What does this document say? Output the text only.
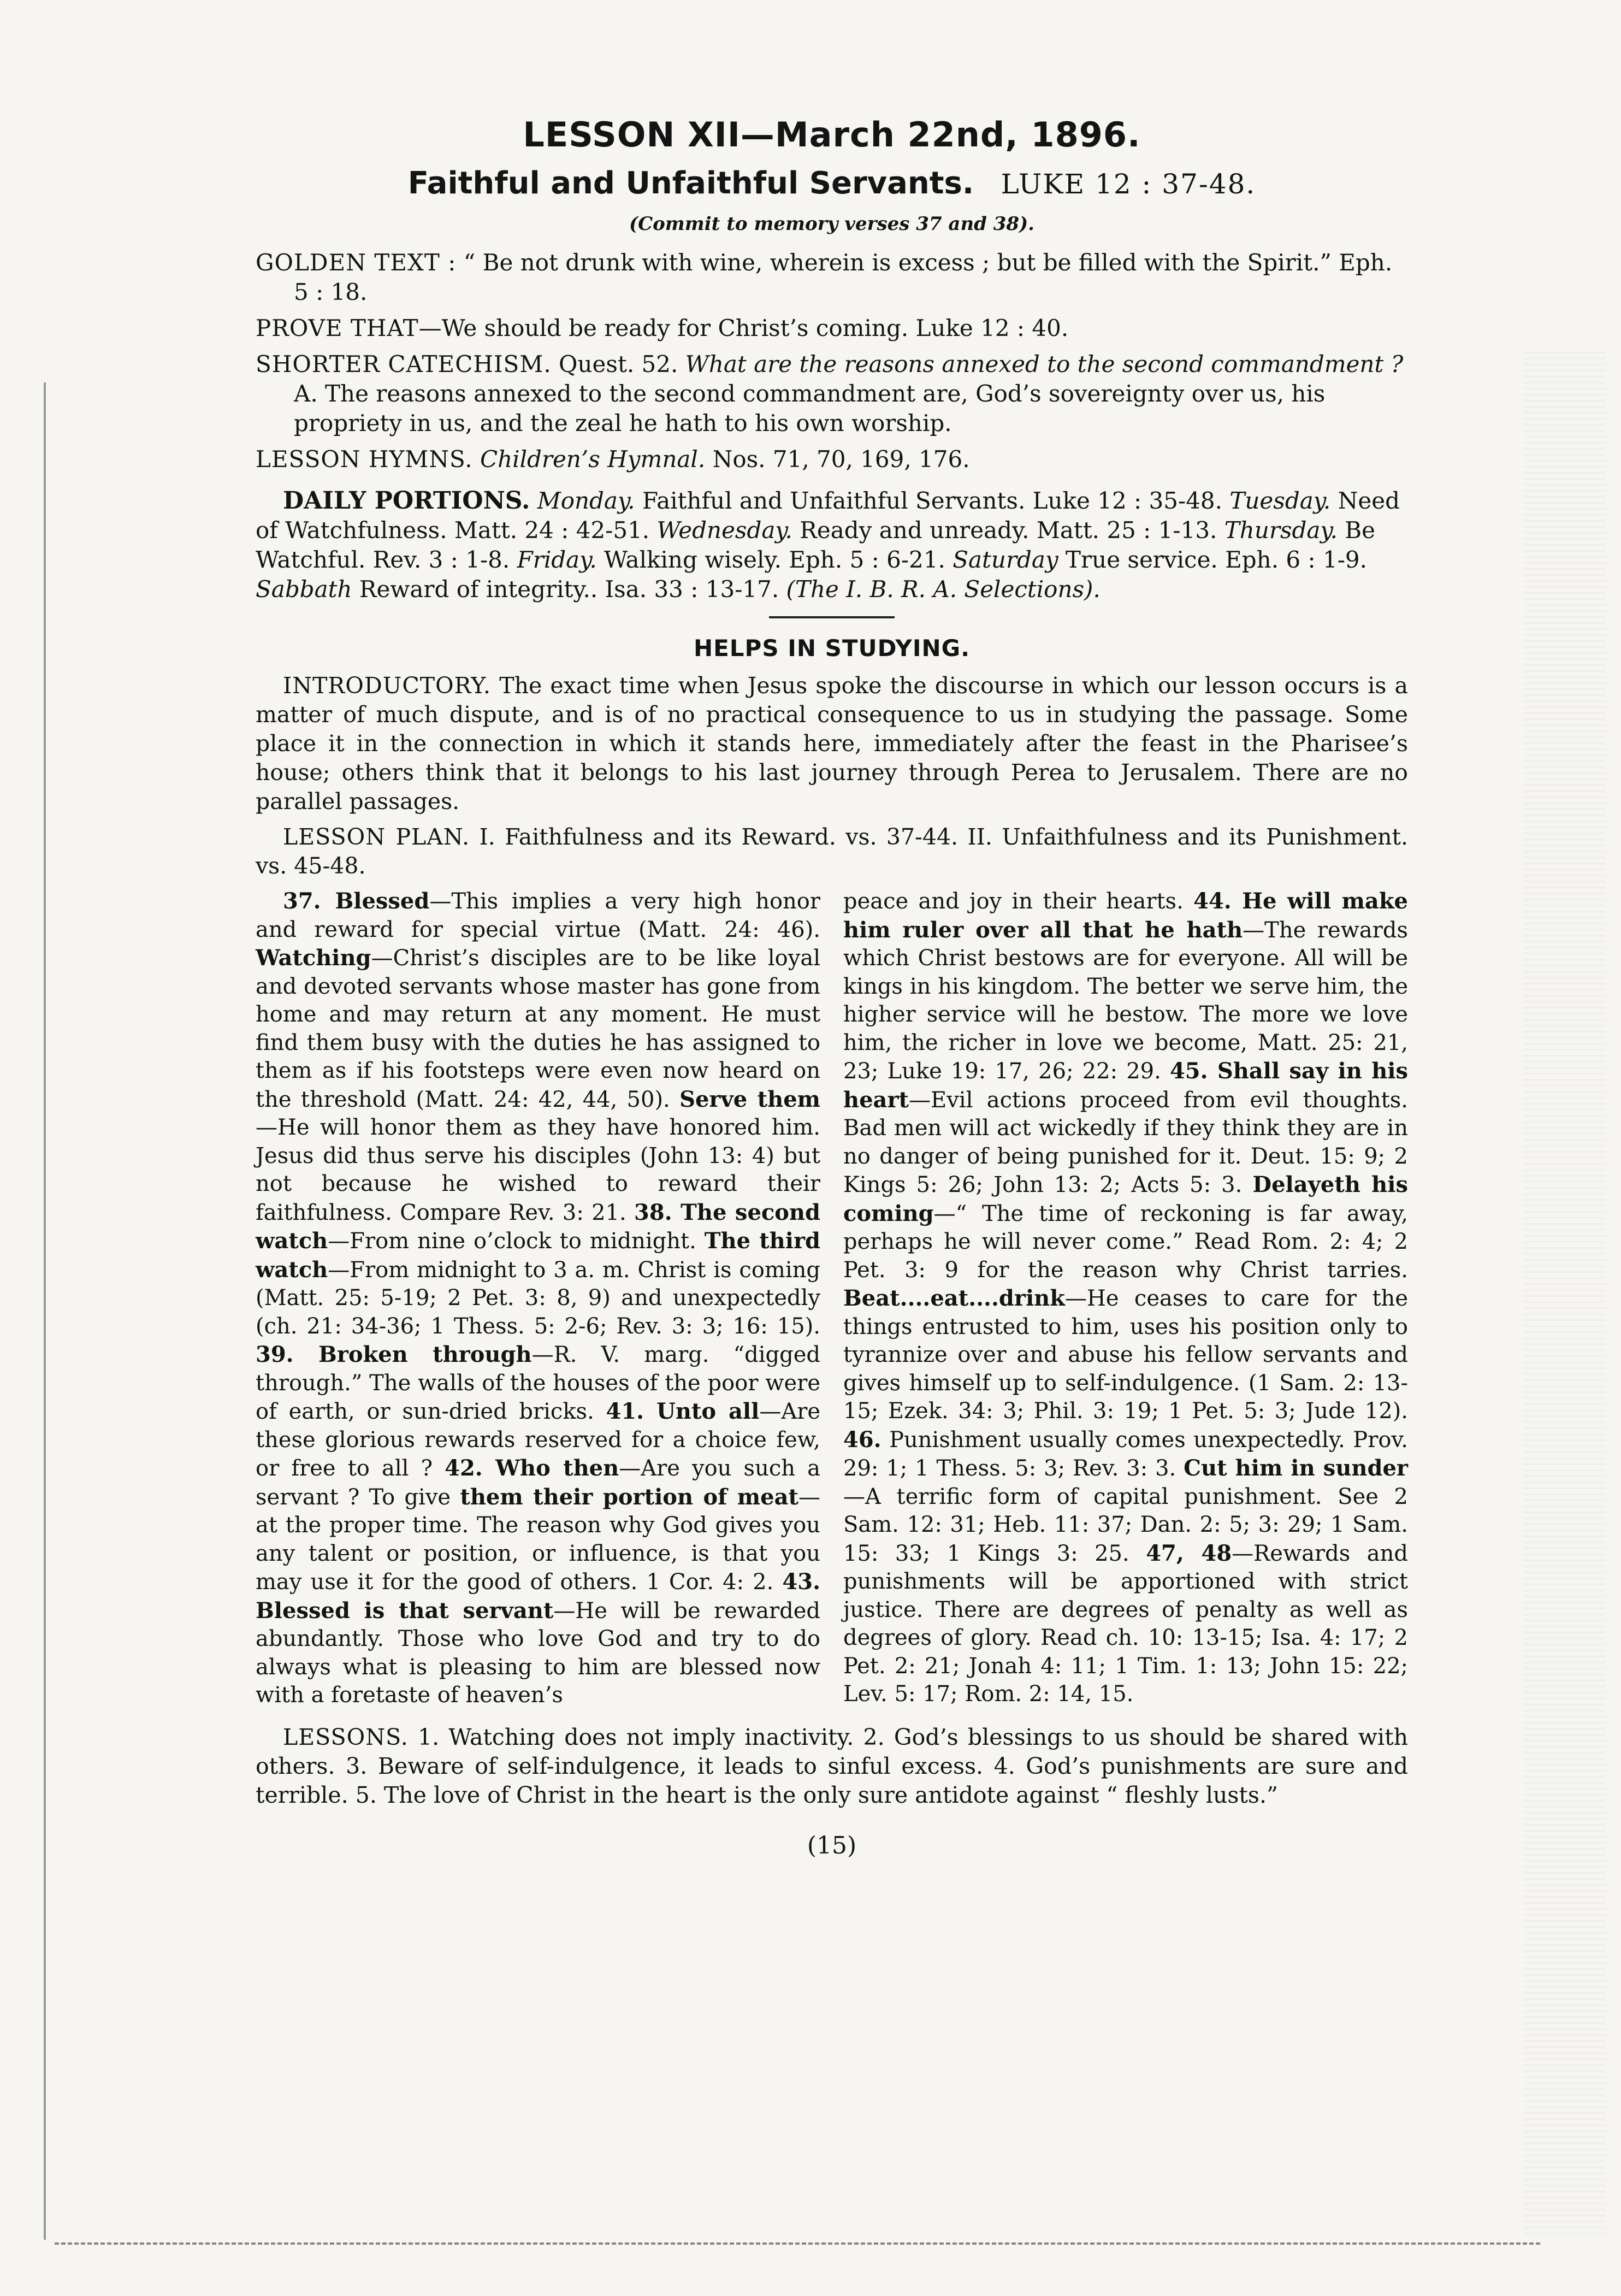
LESSON XII—March 22nd, 1896.
Faithful and Unfaithful Servants. LUKE 12 : 37-48.
(Commit to memory verses 37 and 38).

GOLDEN TEXT : “ Be not drunk with wine, wherein is excess ; but be filled with the Spirit.” Eph. 5 : 18.

PROVE THAT—We should be ready for Christ’s coming. Luke 12 : 40.

SHORTER CATECHISM. Quest. 52. What are the reasons annexed to the second commandment ? A. The reasons annexed to the second commandment are, God’s sovereignty over us, his propriety in us, and the zeal he hath to his own worship.

LESSON HYMNS. Children’s Hymnal. Nos. 71, 70, 169, 176.

DAILY PORTIONS. Monday. Faithful and Unfaithful Servants. Luke 12 : 35-48. Tuesday. Need of Watchfulness. Matt. 24 : 42-51. Wednesday. Ready and unready. Matt. 25 : 1-13. Thursday. Be Watchful. Rev. 3 : 1-8. Friday. Walking wisely. Eph. 5 : 6-21. Saturday True service. Eph. 6 : 1-9. Sabbath Reward of integrity.. Isa. 33 : 13-17. (The I. B. R. A. Selections).

HELPS IN STUDYING.

INTRODUCTORY. The exact time when Jesus spoke the discourse in which our lesson occurs is a matter of much dispute, and is of no practical consequence to us in studying the passage. Some place it in the connection in which it stands here, immediately after the feast in the Pharisee’s house; others think that it belongs to his last journey through Perea to Jerusalem. There are no parallel passages.

LESSON PLAN. I. Faithfulness and its Reward. vs. 37-44. II. Unfaithfulness and its Punishment. vs. 45-48.

37. Blessed—This implies a very high honor and reward for special virtue (Matt. 24: 46). Watching—Christ’s disciples are to be like loyal and devoted servants whose master has gone from home and may return at any moment. He must find them busy with the duties he has assigned to them as if his footsteps were even now heard on the threshold (Matt. 24: 42, 44, 50). Serve them—He will honor them as they have honored him. Jesus did thus serve his disciples (John 13: 4) but not because he wished to reward their faithfulness. Compare Rev. 3: 21. 38. The second watch—From nine o’clock to midnight. The third watch—From midnight to 3 a. m. Christ is coming (Matt. 25: 5-19; 2 Pet. 3: 8, 9) and unexpectedly (ch. 21: 34-36; 1 Thess. 5: 2-6; Rev. 3: 3; 16: 15). 39. Broken through—R. V. marg. “digged through.” The walls of the houses of the poor were of earth, or sun-dried bricks. 41. Unto all—Are these glorious rewards reserved for a choice few, or free to all ? 42. Who then—Are you such a servant ? To give them their portion of meat—at the proper time. The reason why God gives you any talent or position, or influence, is that you may use it for the good of others. 1 Cor. 4: 2. 43. Blessed is that servant—He will be rewarded abundantly. Those who love God and try to do always what is pleasing to him are blessed now with a foretaste of heaven’s

peace and joy in their hearts. 44. He will make him ruler over all that he hath—The rewards which Christ bestows are for everyone. All will be kings in his kingdom. The better we serve him, the higher service will he bestow. The more we love him, the richer in love we become, Matt. 25: 21, 23; Luke 19: 17, 26; 22: 29. 45. Shall say in his heart—Evil actions proceed from evil thoughts. Bad men will act wickedly if they think they are in no danger of being punished for it. Deut. 15: 9; 2 Kings 5: 26; John 13: 2; Acts 5: 3. Delayeth his coming—“ The time of reckoning is far away, perhaps he will never come.” Read Rom. 2: 4; 2 Pet. 3: 9 for the reason why Christ tarries. Beat....eat....drink—He ceases to care for the things entrusted to him, uses his position only to tyrannize over and abuse his fellow servants and gives himself up to self-indulgence. (1 Sam. 2: 13-15; Ezek. 34: 3; Phil. 3: 19; 1 Pet. 5: 3; Jude 12). 46. Punishment usually comes unexpectedly. Prov. 29: 1; 1 Thess. 5: 3; Rev. 3: 3. Cut him in sunder—A terrific form of capital punishment. See 2 Sam. 12: 31; Heb. 11: 37; Dan. 2: 5; 3: 29; 1 Sam. 15: 33; 1 Kings 3: 25. 47, 48—Rewards and punishments will be apportioned with strict justice. There are degrees of penalty as well as degrees of glory. Read ch. 10: 13-15; Isa. 4: 17; 2 Pet. 2: 21; Jonah 4: 11; 1 Tim. 1: 13; John 15: 22; Lev. 5: 17; Rom. 2: 14, 15.

LESSONS. 1. Watching does not imply inactivity. 2. God’s blessings to us should be shared with others. 3. Beware of self-indulgence, it leads to sinful excess. 4. God’s punishments are sure and terrible. 5. The love of Christ in the heart is the only sure antidote against “ fleshly lusts.”

(15)
